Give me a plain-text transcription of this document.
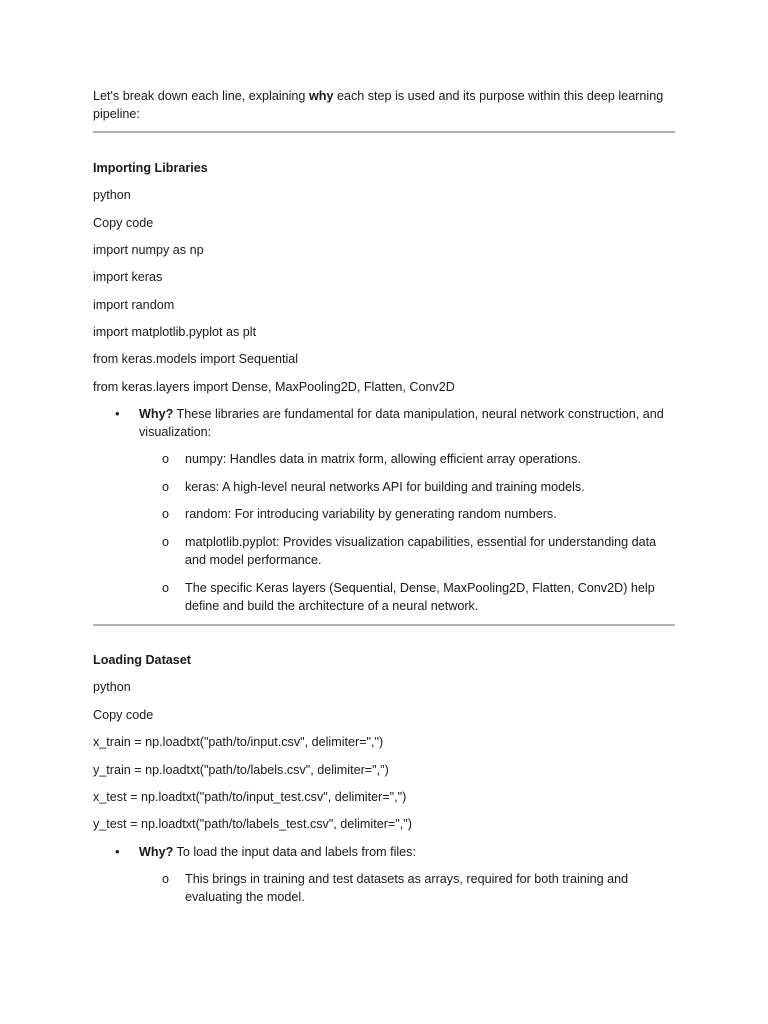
Let's break down each line, explaining why each step is used and its purpose within this deep learning pipeline:
Importing Libraries
python
Copy code
import numpy as np
import keras
import random
import matplotlib.pyplot as plt
from keras.models import Sequential
from keras.layers import Dense, MaxPooling2D, Flatten, Conv2D
• Why? These libraries are fundamental for data manipulation, neural network construction, and visualization:
o numpy: Handles data in matrix form, allowing efficient array operations.
o keras: A high-level neural networks API for building and training models.
o random: For introducing variability by generating random numbers.
o matplotlib.pyplot: Provides visualization capabilities, essential for understanding data and model performance.
o The specific Keras layers (Sequential, Dense, MaxPooling2D, Flatten, Conv2D) help define and build the architecture of a neural network.
Loading Dataset
python
Copy code
x_train = np.loadtxt("path/to/input.csv", delimiter=",")
y_train = np.loadtxt("path/to/labels.csv", delimiter=",")
x_test = np.loadtxt("path/to/input_test.csv", delimiter=",")
y_test = np.loadtxt("path/to/labels_test.csv", delimiter=",")
• Why? To load the input data and labels from files:
o This brings in training and test datasets as arrays, required for both training and evaluating the model.
